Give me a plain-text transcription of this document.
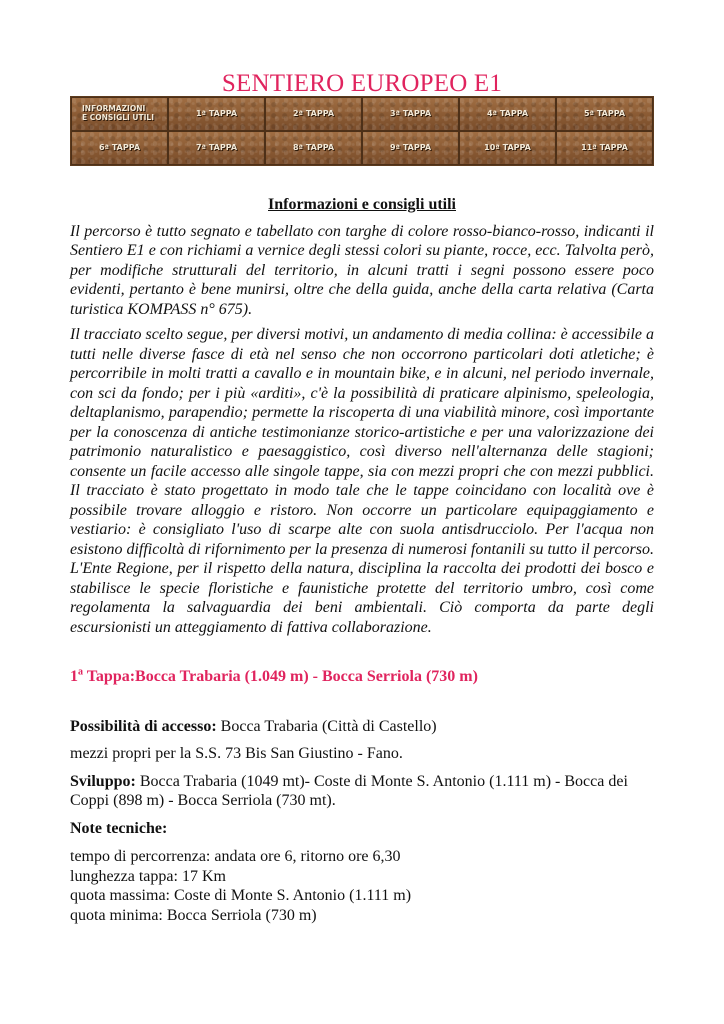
SENTIERO EUROPEO E1
INFORMAZIONI
E CONSIGLI UTILI	1ª TAPPA	2ª TAPPA	3ª TAPPA	4ª TAPPA	5ª TAPPA
6ª TAPPA	7ª TAPPA	8ª TAPPA	9ª TAPPA	10ª TAPPA	11ª TAPPA
Informazioni e consigli utili

Il percorso è tutto segnato e tabellato con targhe di colore rosso-bianco-rosso, indicanti il Sentiero E1 e con richiami a vernice degli stessi colori su piante, rocce, ecc. Talvolta però, per modifiche strutturali del territorio, in alcuni tratti i segni possono essere poco evidenti, pertanto è bene munirsi, oltre che della guida, anche della carta relativa (Carta turistica KOMPASS n° 675).

Il tracciato scelto segue, per diversi motivi, un andamento di media collina: è accessibile a tutti nelle diverse fasce di età nel senso che non occorrono particolari doti atletiche; è percorribile in molti tratti a cavallo e in mountain bike, e in alcuni, nel periodo invernale, con sci da fondo; per i più «arditi», c'è la possibilità di praticare alpinismo, speleologia, deltaplanismo, parapendio; permette la riscoperta di una viabilità minore, così importante per la conoscenza di antiche testimonianze storico-artistiche e per una valorizzazione dei patrimonio naturalistico e paesaggistico, così diverso nell'alternanza delle stagioni; consente un facile accesso alle singole tappe, sia con mezzi propri che con mezzi pubblici. Il tracciato è stato progettato in modo tale che le tappe coincidano con località ove è possibile trovare alloggio e ristoro. Non occorre un particolare equipaggiamento e vestiario: è consigliato l'uso di scarpe alte con suola antisdrucciolo. Per l'acqua non esistono difficoltà di rifornimento per la presenza di numerosi fontanili su tutto il percorso. L'Ente Regione, per il rispetto della natura, disciplina la raccolta dei prodotti dei bosco e stabilisce le specie floristiche e faunistiche protette del territorio umbro, così come regolamenta la salvaguardia dei beni ambientali. Ciò comporta da parte degli escursionisti un atteggiamento di fattiva collaborazione.

1$^a$ Tappa:Bocca Trabaria (1.049 m) - Bocca Serriola (730 m)
Possibilità di accesso: Bocca Trabaria (Città di Castello)
mezzi propri per la S.S. 73 Bis San Giustino - Fano.
Sviluppo: Bocca Trabaria (1049 mt)- Coste di Monte S. Antonio (1.111 m) - Bocca dei Coppi (898 m) - Bocca Serriola (730 mt).
Note tecniche:
tempo di percorrenza: andata ore 6, ritorno ore 6,30
lunghezza tappa: 17 Km
quota massima: Coste di Monte S. Antonio (1.111 m)
quota minima: Bocca Serriola (730 m)
